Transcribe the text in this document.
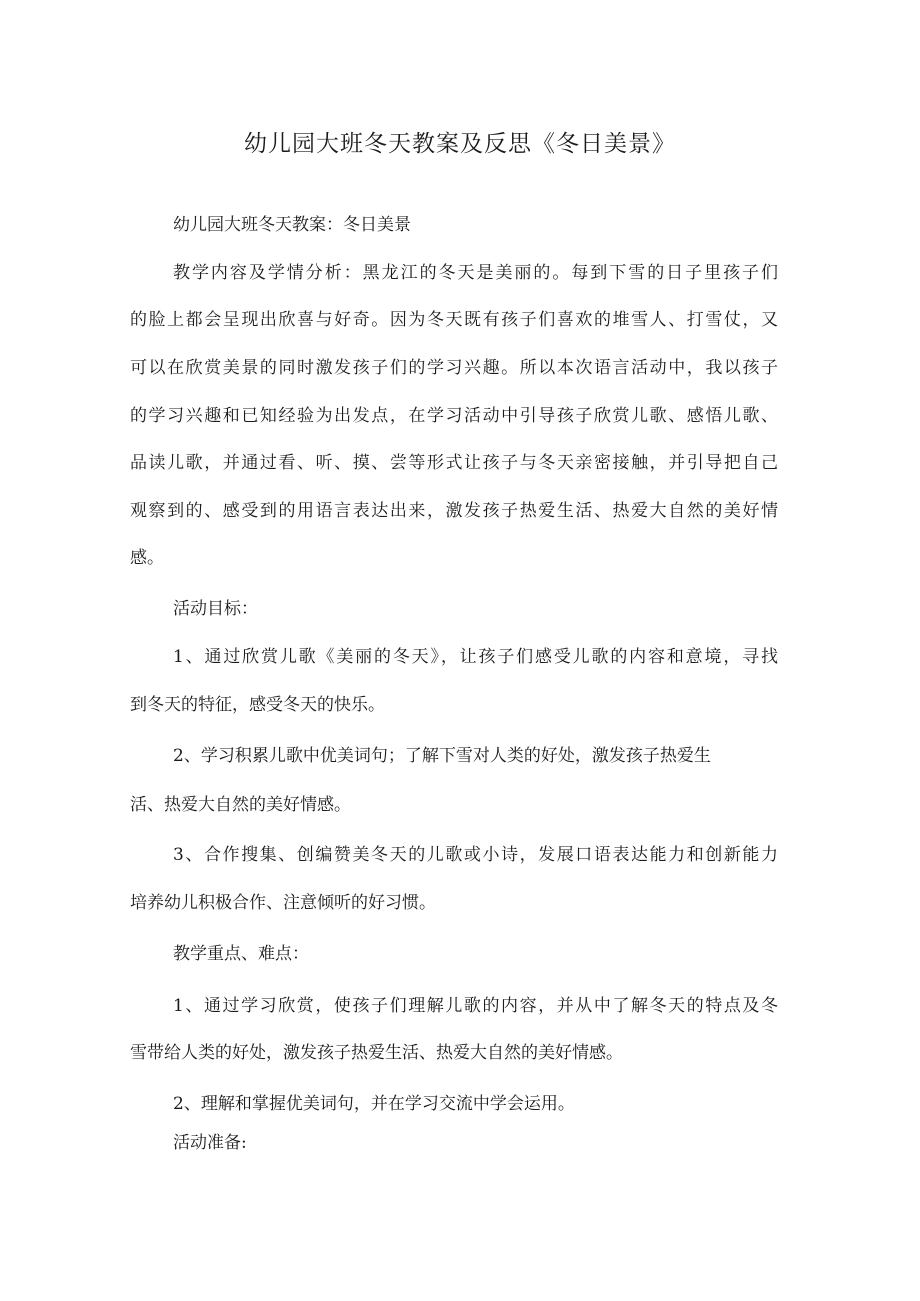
幼儿园大班冬天教案及反思《冬日美景》
幼儿园大班冬天教案：冬日美景
教学内容及学情分析：黑龙江的冬天是美丽的。每到下雪的日子里孩子们
的脸上都会呈现出欣喜与好奇。因为冬天既有孩子们喜欢的堆雪人、打雪仗，又
可以在欣赏美景的同时激发孩子们的学习兴趣。所以本次语言活动中，我以孩子
的学习兴趣和已知经验为出发点，在学习活动中引导孩子欣赏儿歌、感悟儿歌、
品读儿歌，并通过看、听、摸、尝等形式让孩子与冬天亲密接触，并引导把自己
观察到的、感受到的用语言表达出来，激发孩子热爱生活、热爱大自然的美好情
感。
活动目标：
1、通过欣赏儿歌《美丽的冬天》，让孩子们感受儿歌的内容和意境，寻找
到冬天的特征，感受冬天的快乐。
2、学习积累儿歌中优美词句；了解下雪对人类的好处，激发孩子热爱生
活、热爱大自然的美好情感。
3、合作搜集、创编赞美冬天的儿歌或小诗，发展口语表达能力和创新能力
培养幼儿积极合作、注意倾听的好习惯。
教学重点、难点：
1、通过学习欣赏，使孩子们理解儿歌的内容，并从中了解冬天的特点及冬
雪带给人类的好处，激发孩子热爱生活、热爱大自然的美好情感。
2、理解和掌握优美词句，并在学习交流中学会运用。
活动准备:
